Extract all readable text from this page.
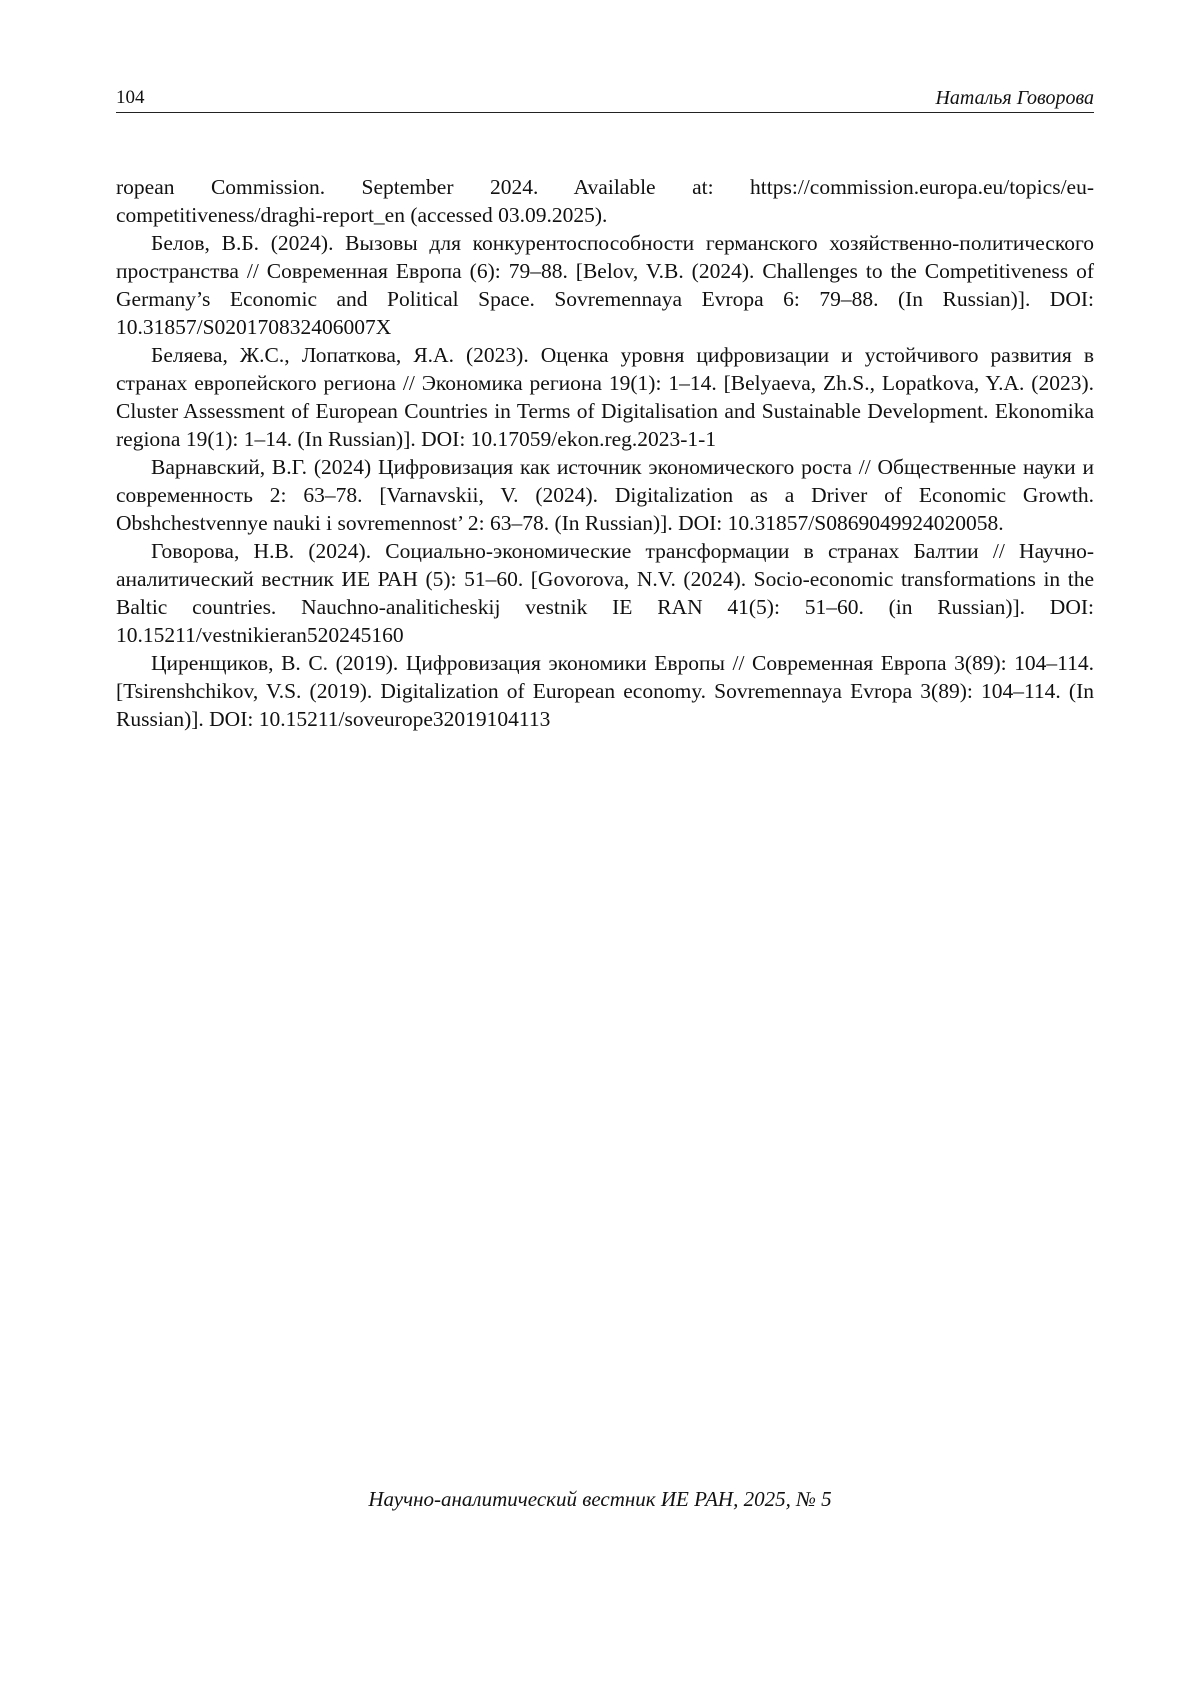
104	Наталья Говорова

ropean Commission. September 2024. Available at: https://commission.europa.eu/topics/eu-competitiveness/draghi-report_en (accessed 03.09.2025).

Белов, В.Б. (2024). Вызовы для конкурентоспособности германского хозяйственно-политического пространства // Современная Европа (6): 79–88. [Belov, V.B. (2024). Challenges to the Competitiveness of Germany’s Economic and Political Space. Sovremennaya Evropa 6: 79–88. (In Russian)]. DOI: 10.31857/S020170832406007X

Беляева, Ж.С., Лопаткова, Я.А. (2023). Оценка уровня цифровизации и устойчивого развития в странах европейского региона // Экономика региона 19(1): 1–14. [Belyaeva, Zh.S., Lopatkova, Y.A. (2023). Cluster Assessment of European Countries in Terms of Digitalisation and Sustainable Development. Ekonomika regiona 19(1): 1–14. (In Russian)]. DOI: 10.17059/ekon.reg.2023-1-1

Варнавский, В.Г. (2024) Цифровизация как источник экономического роста // Общественные науки и современность 2: 63–78. [Varnavskii, V. (2024). Digitalization as a Driver of Economic Growth. Obshchestvennye nauki i sovremennost’ 2: 63–78. (In Russian)]. DOI: 10.31857/S0869049924020058.

Говорова, Н.В. (2024). Социально-экономические трансформации в странах Балтии // Научно-аналитический вестник ИЕ РАН (5): 51–60. [Govorova, N.V. (2024). Socio-economic transformations in the Baltic countries. Nauchno-analiticheskij vestnik IE RAN 41(5): 51–60. (in Russian)]. DOI: 10.15211/vestnikieran520245160

Циренщиков, В. С. (2019). Цифровизация экономики Европы // Современная Европа 3(89): 104–114. [Tsirenshchikov, V.S. (2019). Digitalization of European economy. Sovremennaya Evropa 3(89): 104–114. (In Russian)]. DOI: 10.15211/soveurope32019104113

Научно-аналитический вестник ИЕ РАН, 2025, № 5
